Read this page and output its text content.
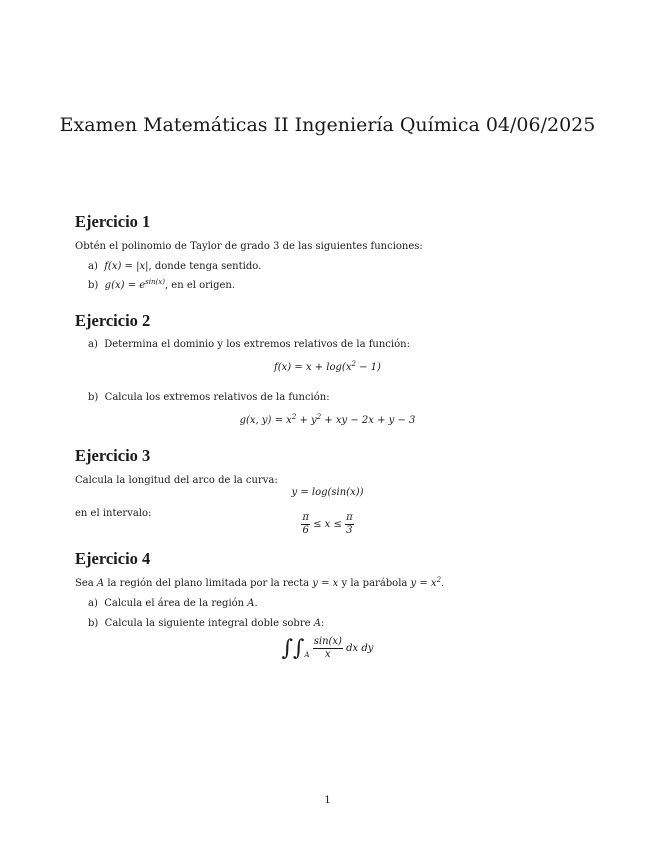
Examen Matemáticas II Ingeniería Química 04/06/2025
Ejercicio 1
Obtén el polinomio de Taylor de grado 3 de las siguientes funciones:
a) f(x) = |x|, donde tenga sentido.
b) $g(x) = e^{sin(x)}$, en el origen.
Ejercicio 2
a) Determina el dominio y los extremos relativos de la función:
$f(x) = x + \log(x^2 - 1)$
b) Calcula los extremos relativos de la función:
g(x, $y) = x^2 + y^2$ + xy − 2x + y − 3
Ejercicio 3
Calcula la longitud del arco de la curva:
y = log(sin(x))
en el intervalo:	$\frac{\pi}{6} \le x \le \frac{\pi}{3}$
Ejercicio 4
Sea A la región del plano limitada por la recta y = x y la parábola $y = x^2$.
a) Calcula el área de la región A.
b) Calcula la siguiente integral doble sobre A:
$\int\int_A \frac{\sin(x)}{x}$ dx dy
1
